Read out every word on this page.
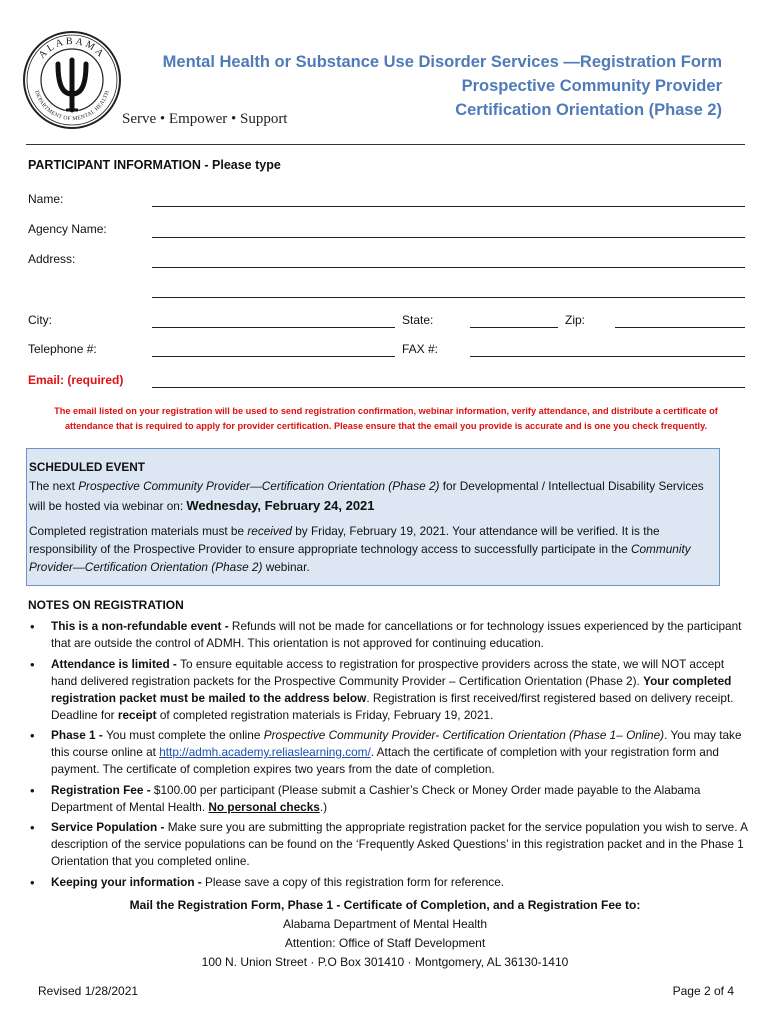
ALABAMA
DEPARTMENT OF MENTAL HEALTH
Serve • Empower • Support
Mental Health or Substance Use Disorder Services —Registration Form
Prospective Community Provider
Certification Orientation (Phase 2)
PARTICIPANT INFORMATION - Please type
Name:
Agency Name:
Address:
City:	State:	Zip:
Telephone #:	FAX #:
Email: (required)
The email listed on your registration will be used to send registration confirmation, webinar information, verify attendance, and distribute a certificate of attendance that is required to apply for provider certification. Please ensure that the email you provide is accurate and is one you check frequently.

SCHEDULED EVENT

The next Prospective Community Provider—Certification Orientation (Phase 2) for Developmental / Intellectual Disability Services will be hosted via webinar on: Wednesday, February 24, 2021

Completed registration materials must be received by Friday, February 19, 2021. Your attendance will be verified. It is the responsibility of the Prospective Provider to ensure appropriate technology access to successfully participate in the Community Provider—Certification Orientation (Phase 2) webinar.

NOTES ON REGISTRATION
• This is a non-refundable event - Refunds will not be made for cancellations or for technology issues experienced by the participant that are outside the control of ADMH. This orientation is not approved for continuing education.
• Attendance is limited - To ensure equitable access to registration for prospective providers across the state, we will NOT accept hand delivered registration packets for the Prospective Community Provider – Certification Orientation (Phase 2). Your completed registration packet must be mailed to the address below. Registration is first received/first registered based on delivery receipt. Deadline for receipt of completed registration materials is Friday, February 19, 2021.
• Phase 1 - You must complete the online Prospective Community Provider- Certification Orientation (Phase 1– Online). You may take this course online at http://admh.academy.reliaslearning.com/. Attach the certificate of completion with your registration form and payment. The certificate of completion expires two years from the date of completion.
• Registration Fee - $100.00 per participant (Please submit a Cashier’s Check or Money Order made payable to the Alabama Department of Mental Health. No personal checks.)
• Service Population - Make sure you are submitting the appropriate registration packet for the service population you wish to serve. A description of the service populations can be found on the ‘Frequently Asked Questions’ in this registration packet and in the Phase 1 Orientation that you completed online.
• Keeping your information - Please save a copy of this registration form for reference.
Mail the Registration Form, Phase 1 - Certificate of Completion, and a Registration Fee to:
Alabama Department of Mental Health
Attention: Office of Staff Development
100 N. Union Street · P.O Box 301410 · Montgomery, AL 36130-1410
Revised 1/28/2021	Page 2 of 4
